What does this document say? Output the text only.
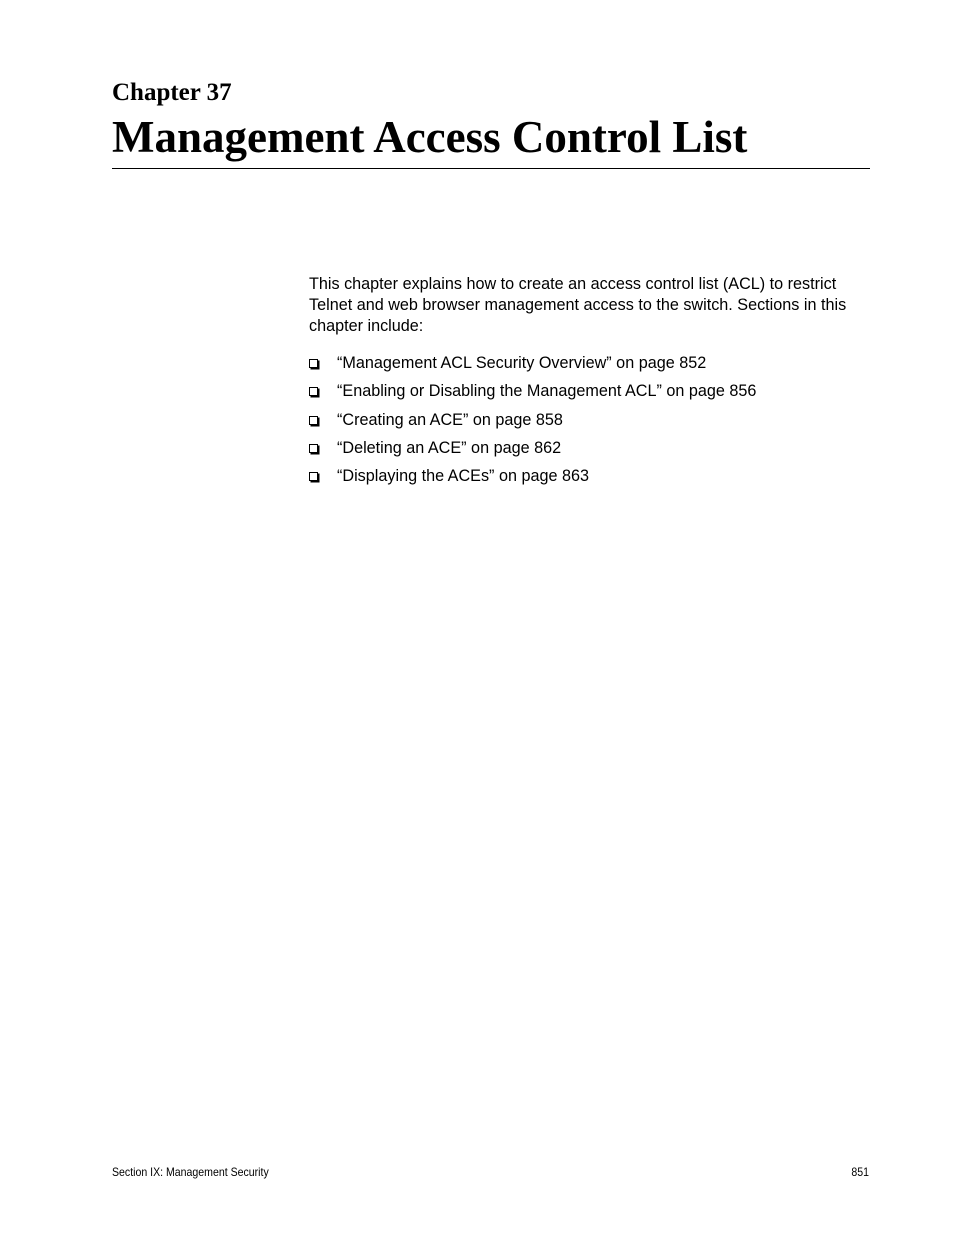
Chapter 37
Management Access Control List

This chapter explains how to create an access control list (ACL) to restrict Telnet and web browser management access to the switch. Sections in this chapter include:

“Management ACL Security Overview” on page 852
“Enabling or Disabling the Management ACL” on page 856
“Creating an ACE” on page 858
“Deleting an ACE” on page 862
“Displaying the ACEs” on page 863
Section IX: Management Security	851
